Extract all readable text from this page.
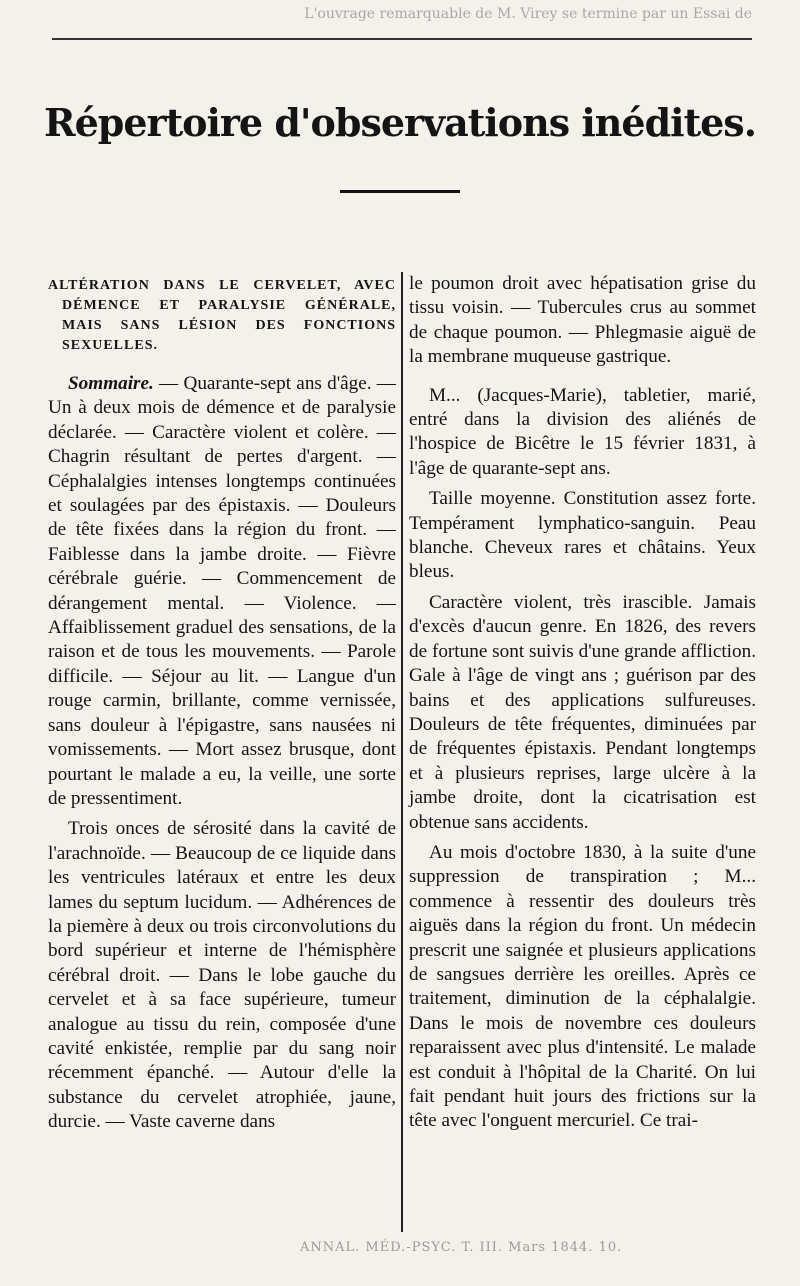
L'ouvrage remarquable de M. Virey se termine par un Essai de
Répertoire d'observations inédites.
ALTÉRATION DANS LE CERVELET, AVEC DÉMENCE ET PARALYSIE GÉNÉRALE, MAIS SANS LÉSION DES FONCTIONS SEXUELLES.

Sommaire. — Quarante-sept ans d'âge. — Un à deux mois de démence et de paralysie déclarée. — Caractère violent et colère. — Chagrin résultant de pertes d'argent. — Céphalalgies intenses longtemps continuées et soulagées par des épistaxis. — Douleurs de tête fixées dans la région du front. — Faiblesse dans la jambe droite. — Fièvre cérébrale guérie. — Commencement de dérangement mental. — Violence. — Affaiblissement graduel des sensations, de la raison et de tous les mouvements. — Parole difficile. — Séjour au lit. — Langue d'un rouge carmin, brillante, comme vernissée, sans douleur à l'épigastre, sans nausées ni vomissements. — Mort assez brusque, dont pourtant le malade a eu, la veille, une sorte de pressentiment.

Trois onces de sérosité dans la cavité de l'arachnoïde. — Beaucoup de ce liquide dans les ventricules latéraux et entre les deux lames du septum lucidum. — Adhérences de la piemère à deux ou trois circonvolutions du bord supérieur et interne de l'hémisphère cérébral droit. — Dans le lobe gauche du cervelet et à sa face supérieure, tumeur analogue au tissu du rein, composée d'une cavité enkistée, remplie par du sang noir récemment épanché. — Autour d'elle la substance du cervelet atrophiée, jaune, durcie. — Vaste caverne dans

le poumon droit avec hépatisation grise du tissu voisin. — Tubercules crus au sommet de chaque poumon. — Phlegmasie aiguë de la membrane muqueuse gastrique.

M... (Jacques-Marie), tabletier, marié, entré dans la division des aliénés de l'hospice de Bicêtre le 15 février 1831, à l'âge de quarante-sept ans.

Taille moyenne. Constitution assez forte. Tempérament lymphatico-sanguin. Peau blanche. Cheveux rares et châtains. Yeux bleus.

Caractère violent, très irascible. Jamais d'excès d'aucun genre. En 1826, des revers de fortune sont suivis d'une grande affliction. Gale à l'âge de vingt ans ; guérison par des bains et des applications sulfureuses. Douleurs de tête fréquentes, diminuées par de fréquentes épistaxis. Pendant longtemps et à plusieurs reprises, large ulcère à la jambe droite, dont la cicatrisation est obtenue sans accidents.

Au mois d'octobre 1830, à la suite d'une suppression de transpiration ; M... commence à ressentir des douleurs très aiguës dans la région du front. Un médecin prescrit une saignée et plusieurs applications de sangsues derrière les oreilles. Après ce traitement, diminution de la céphalalgie. Dans le mois de novembre ces douleurs reparaissent avec plus d'intensité. Le malade est conduit à l'hôpital de la Charité. On lui fait pendant huit jours des frictions sur la tête avec l'onguent mercuriel. Ce trai-

ANNAL. MÉD.-PSYC. T. III. Mars 1844. 10.
